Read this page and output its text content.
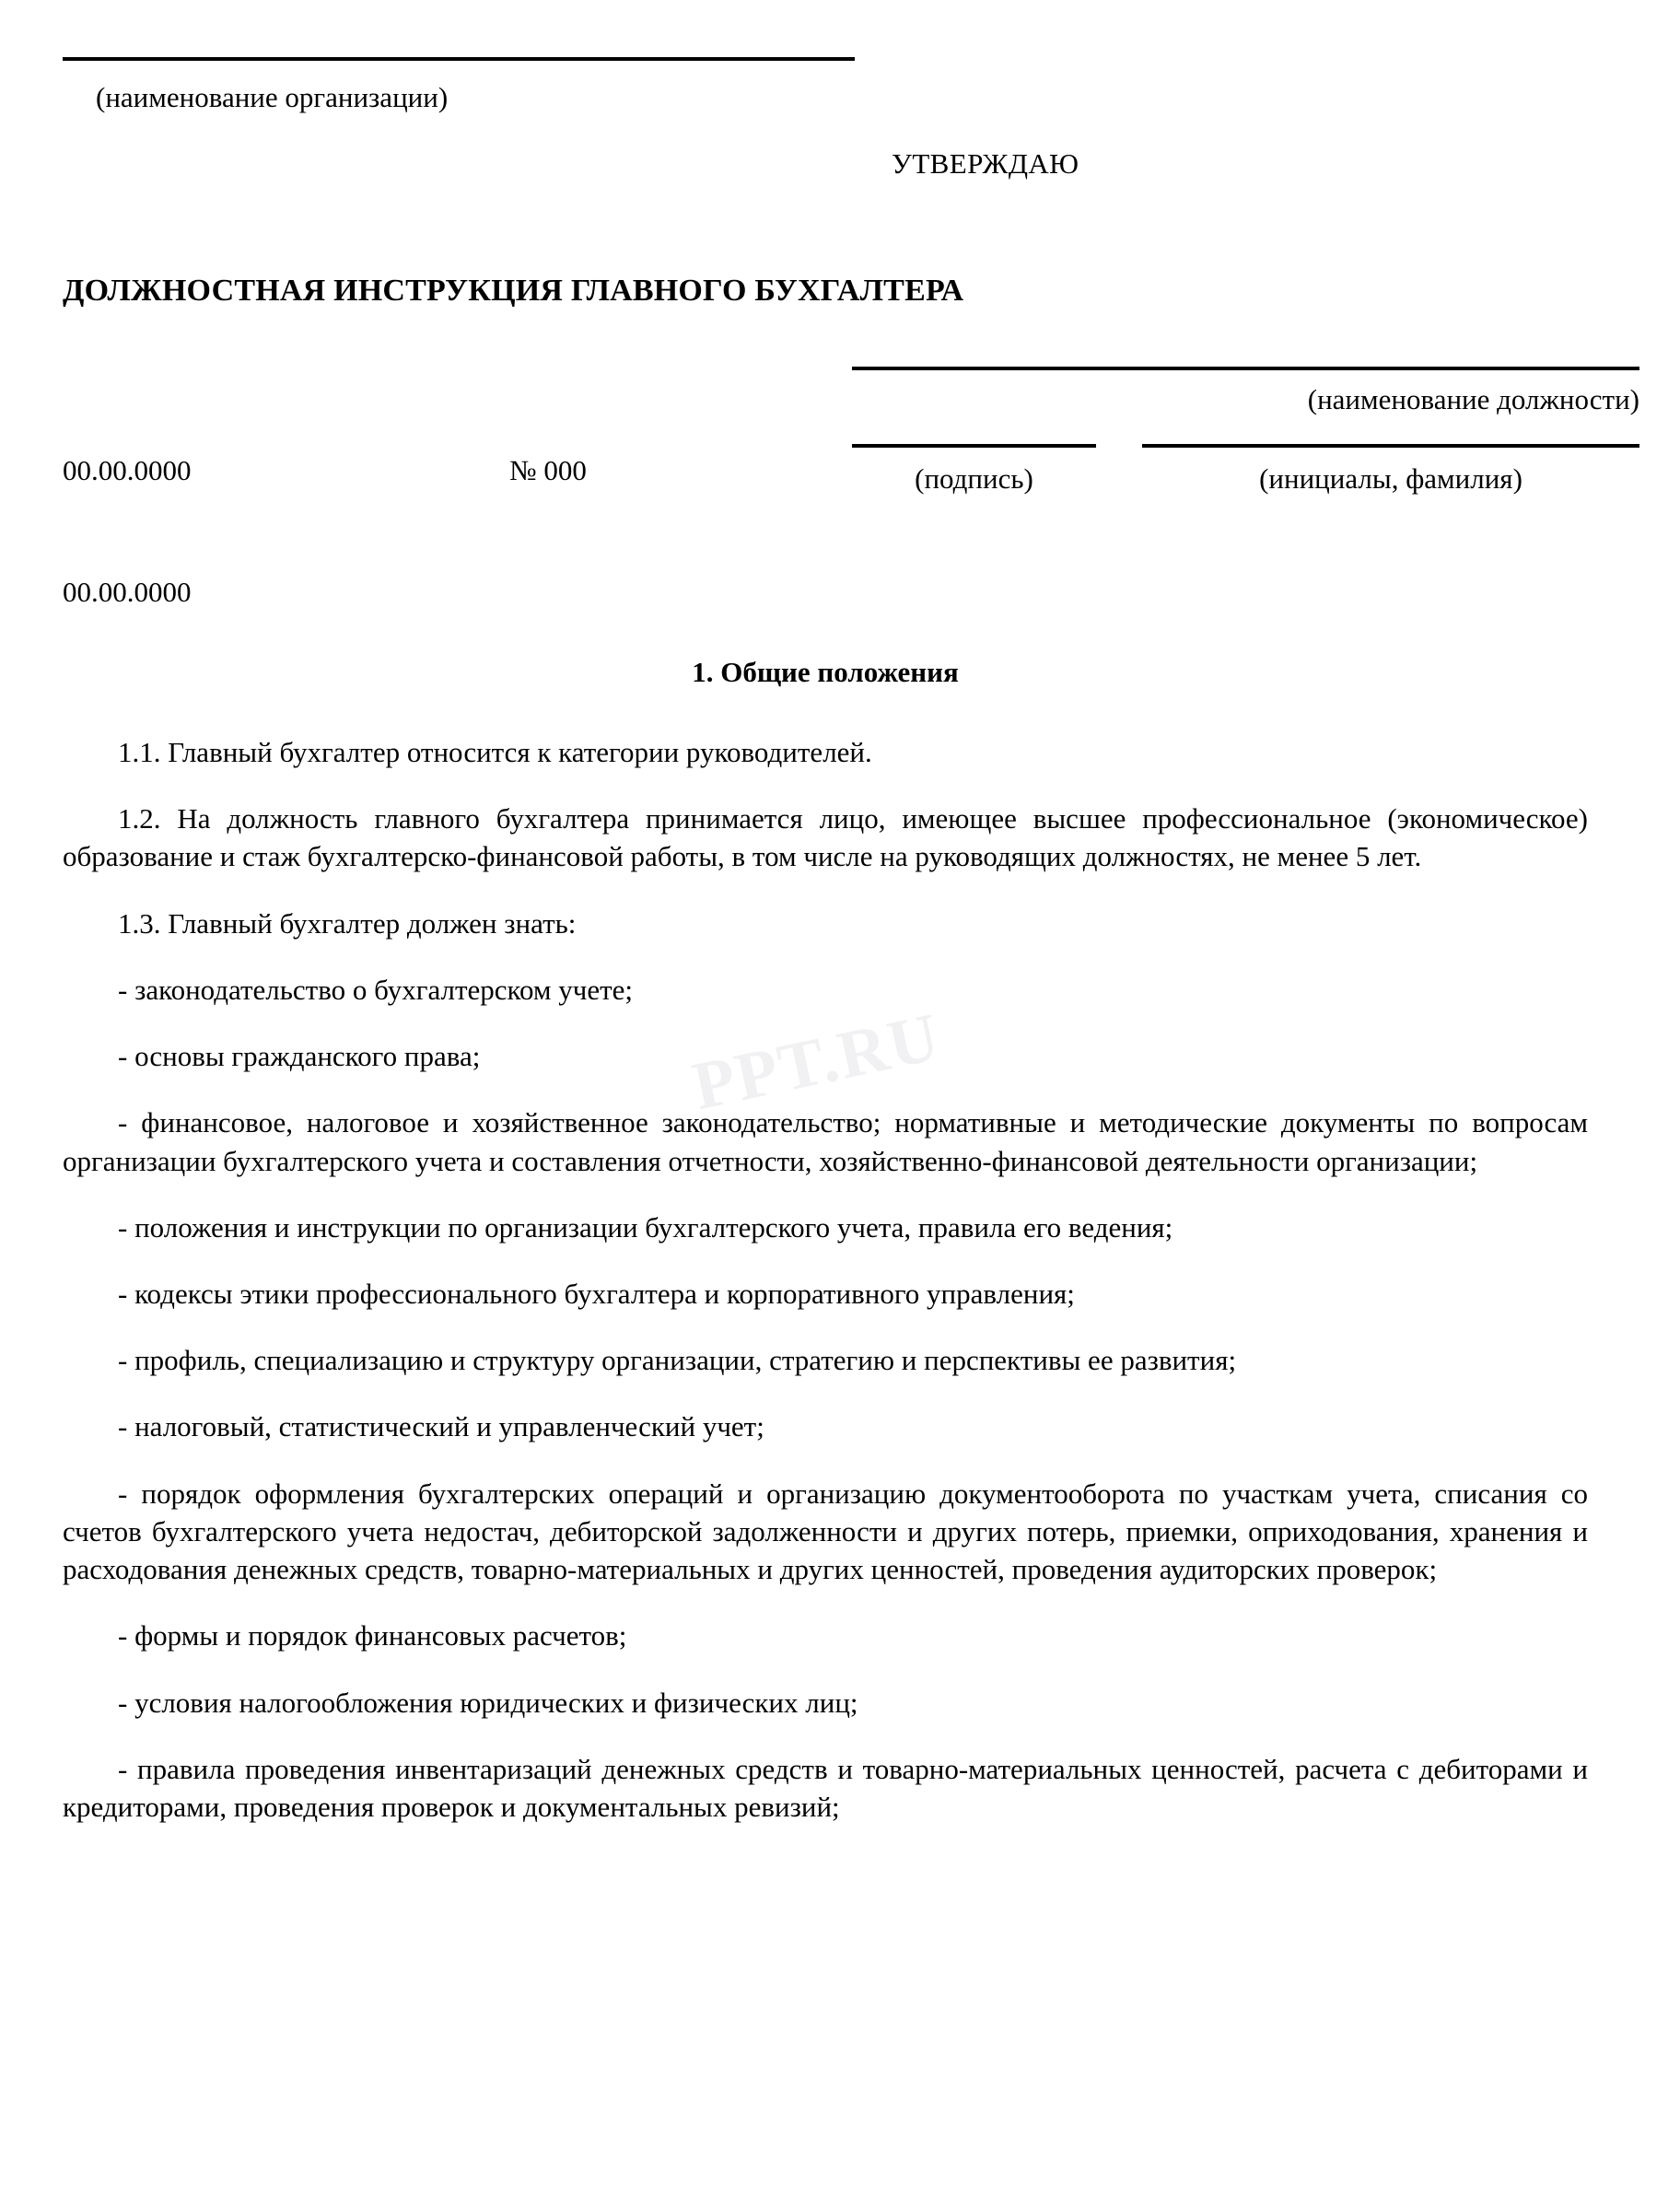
(наименование организации)
УТВЕРЖДАЮ
ДОЛЖНОСТНАЯ ИНСТРУКЦИЯ ГЛАВНОГО БУХГАЛТЕРА
(наименование должности)
(подпись)	(инициалы, фамилия)
00.00.0000	№ 000
00.00.0000
PPT.RU
1. Общие положения

1.1. Главный бухгалтер относится к категории руководителей.

1.2. На должность главного бухгалтера принимается лицо, имеющее высшее профессиональное (экономическое) образование и стаж бухгалтерско-финансовой работы, в том числе на руководящих должностях, не менее 5 лет.

1.3. Главный бухгалтер должен знать:

- законодательство о бухгалтерском учете;

- основы гражданского права;

- финансовое, налоговое и хозяйственное законодательство; нормативные и методические документы по вопросам организации бухгалтерского учета и составления отчетности, хозяйственно-финансовой деятельности организации;

- положения и инструкции по организации бухгалтерского учета, правила его ведения;

- кодексы этики профессионального бухгалтера и корпоративного управления;

- профиль, специализацию и структуру организации, стратегию и перспективы ее развития;

- налоговый, статистический и управленческий учет;

- порядок оформления бухгалтерских операций и организацию документооборота по участкам учета, списания со счетов бухгалтерского учета недостач, дебиторской задолженности и других потерь, приемки, оприходования, хранения и расходования денежных средств, товарно-материальных и других ценностей, проведения аудиторских проверок;

- формы и порядок финансовых расчетов;

- условия налогообложения юридических и физических лиц;

- правила проведения инвентаризаций денежных средств и товарно-материальных ценностей, расчета с дебиторами и кредиторами, проведения проверок и документальных ревизий;
